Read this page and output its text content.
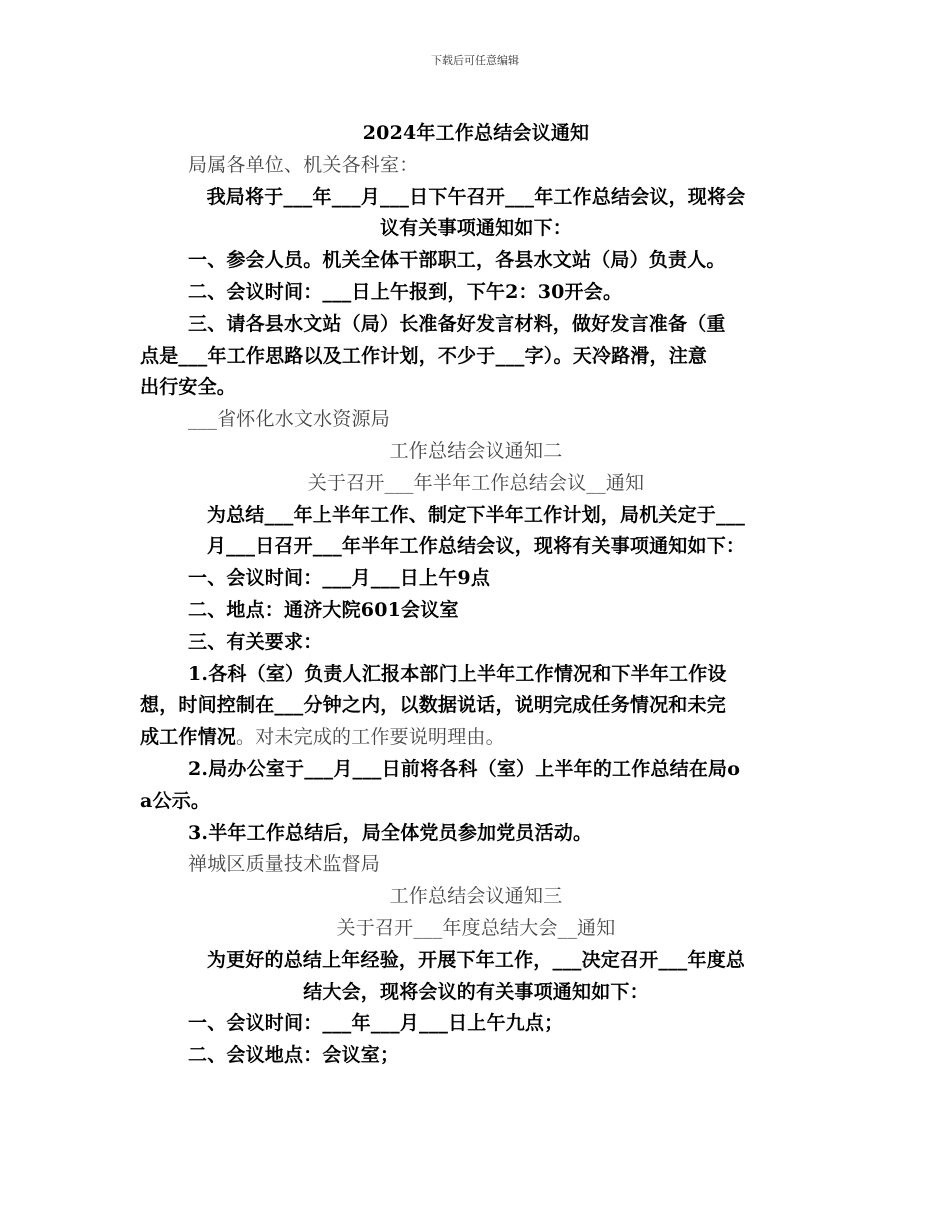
下载后可任意编辑
2024年工作总结会议通知
局属各单位、机关各科室：
我局将于___年___月___日下午召开___年工作总结会议，现将会
议有关事项通知如下：
一、参会人员。机关全体干部职工，各县水文站（局）负责人。
二、会议时间：___日上午报到，下午2：30开会。
三、请各县水文站（局）长准备好发言材料，做好发言准备（重
点是___年工作思路以及工作计划，不少于___字）。天冷路滑，注意
出行安全。
___省怀化水文水资源局
工作总结会议通知二
关于召开___年半年工作总结会议__通知
为总结___年上半年工作、制定下半年工作计划，局机关定于___
月___日召开___年半年工作总结会议，现将有关事项通知如下：
一、会议时间：___月___日上午9点
二、地点：通济大院601会议室
三、有关要求：
1.各科（室）负责人汇报本部门上半年工作情况和下半年工作设
想，时间控制在___分钟之内，以数据说话，说明完成任务情况和未完
成工作情况。对未完成的工作要说明理由。
2.局办公室于___月___日前将各科（室）上半年的工作总结在局o
a公示。
3.半年工作总结后，局全体党员参加党员活动。
禅城区质量技术监督局
工作总结会议通知三
关于召开___年度总结大会__通知
为更好的总结上年经验，开展下年工作，___决定召开___年度总
结大会，现将会议的有关事项通知如下：
一、会议时间：___年___月___日上午九点；
二、会议地点：会议室；
